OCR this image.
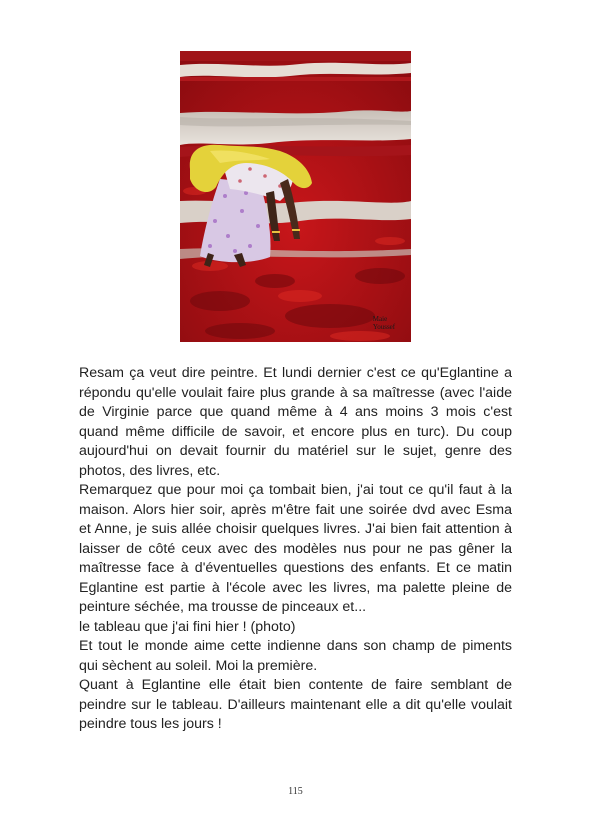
Maie
Youssef

Resam ça veut dire peintre. Et lundi dernier c'est ce qu'Eglantine a répondu qu'elle voulait faire plus grande à sa maîtresse (avec l'aide de Virginie parce que quand même à 4 ans moins 3 mois c'est quand même difficile de savoir, et encore plus en turc). Du coup aujourd'hui on devait fournir du matériel sur le sujet, genre des photos, des livres, etc.

Remarquez que pour moi ça tombait bien, j'ai tout ce qu'il faut à la maison. Alors hier soir, après m'être fait une soirée dvd avec Esma et Anne, je suis allée choisir quelques livres. J'ai bien fait attention à laisser de côté ceux avec des modèles nus pour ne pas gêner la maîtresse face à d'éventuelles questions des enfants. Et ce matin Eglantine est partie à l'école avec les livres, ma palette pleine de peinture séchée, ma trousse de pinceaux et...

le tableau que j'ai fini hier ! (photo)

Et tout le monde aime cette indienne dans son champ de piments qui sèchent au soleil. Moi la première.

Quant à Eglantine elle était bien contente de faire semblant de peindre sur le tableau. D'ailleurs maintenant elle a dit qu'elle voulait peindre tous les jours !

115
